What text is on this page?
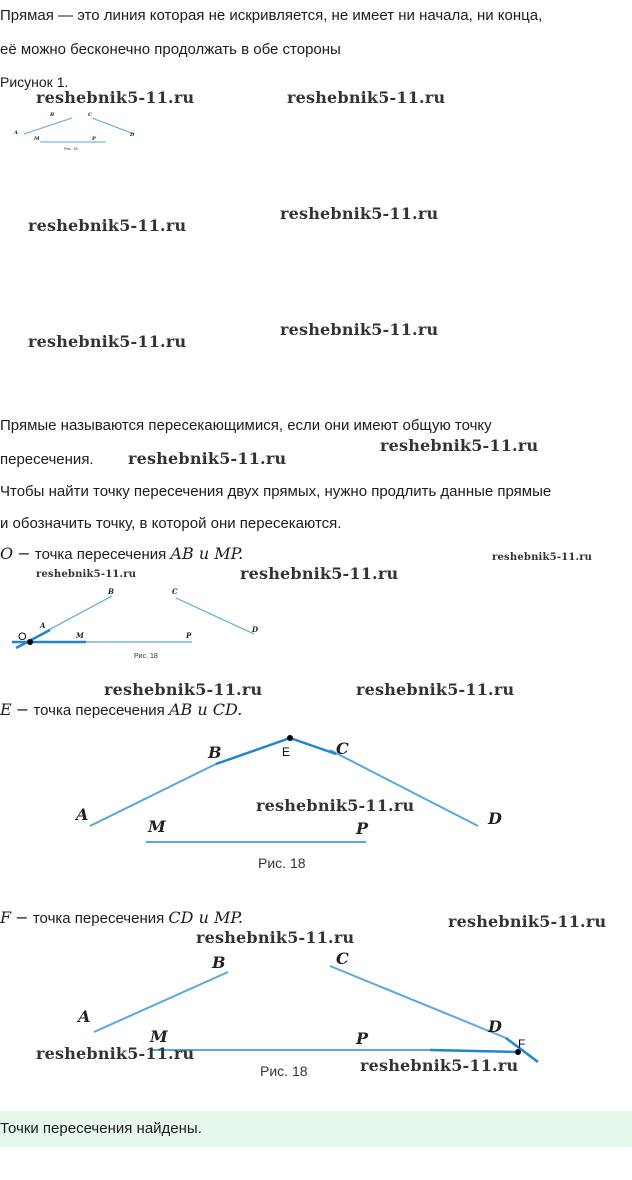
Прямая — это линия которая не искривляется, не имеет ни начала, ни конца,
её можно бесконечно продолжать в обе стороны
Рисунок 1.
reshebnik5-11.ru	reshebnik5-11.ru
reshebnik5-11.ru
reshebnik5-11.ru
reshebnik5-11.ru
reshebnik5-11.ru
A
B	C
D
M	P
Рис. 18
Прямые называются пересекающимися, если они имеют общую точку
reshebnik5-11.ru
пересечения. reshebnik5-11.ru
Чтобы найти точку пересечения двух прямых, нужно продлить данные прямые
и обозначить точку, в которой они пересекаются.
O − точка пересечения AB и MP.	reshebnik5-11.ru
reshebnik5-11.ru	reshebnik5-11.ru
O
A
B	C
D
M	P
Рис. 18
reshebnik5-11.ru	reshebnik5-11.ru
E − точка пересечения AB и CD.
E
A
B	C
D
M	P
Рис. 18
reshebnik5-11.ru
F − точка пересечения CD и MP.	reshebnik5-11.ru
reshebnik5-11.ru
F
A
B	C
D
M	P
Рис. 18
reshebnik5-11.ru
reshebnik5-11.ru
Точки пересечения найдены.
